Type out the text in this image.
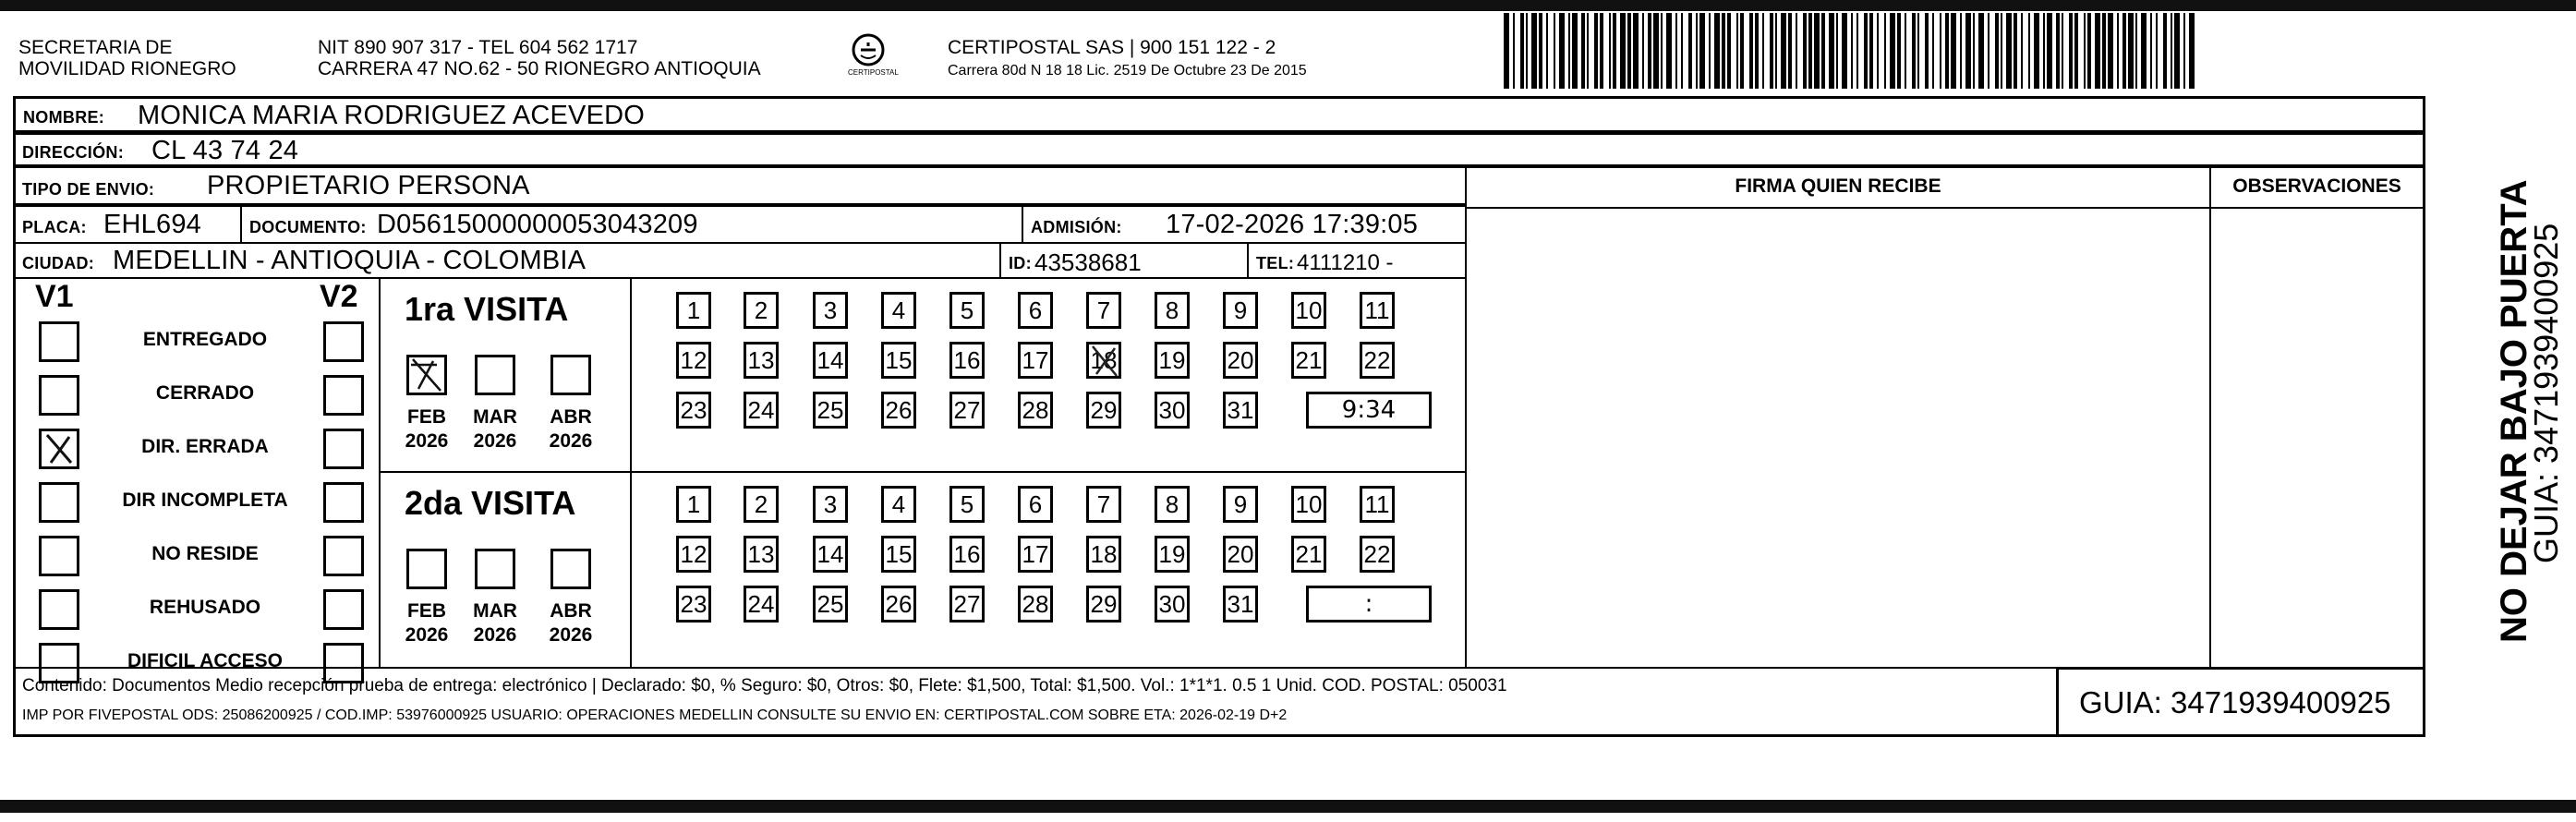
SECRETARIA DE
MOVILIDAD RIONEGRO
NIT 890 907 317 - TEL 604 562 1717
CARRERA 47 NO.62 - 50 RIONEGRO ANTIOQUIA	CERTIPOSTAL
CERTIPOSTAL SAS | 900 151 122 - 2
Carrera 80d N 18 18 Lic. 2519 De Octubre 23 De 2015
NOMBRE: MONICA MARIA RODRIGUEZ ACEVEDO
DIRECCIÓN: CL 43 74 24
TIPO DE ENVIO: PROPIETARIO PERSONA	FIRMA QUIEN RECIBE	OBSERVACIONES
PLACA: EHL694	DOCUMENTO: D05615000000053043209	ADMISIÓN: 17-02-2026 17:39:05
CIUDAD: MEDELLIN - ANTIOQUIA - COLOMBIA	ID: 43538681	TEL: 4111210 -
V1	V2
ENTREGADO
CERRADO
DIR. ERRADA
DIR INCOMPLETA
NO RESIDE
REHUSADO
DIFICIL ACCESO
1ra VISITA
2da VISITA
1	2	3	4	5	6	7	8	9	10 11
12 13 14 15 16 17 18 19 20 21 22
23 24 25 26 27 28 29 30 31	9:34
1	2	3	4	5	6	7	8	9	10 11
12 13 14 15 16 17 18 19 20 21 22
23 24 25 26 27 28 29 30 31	:
FEB
2026
MAR
2026
ABR
2026
FEB
2026
MAR
2026
ABR
2026
Contenido: Documentos Medio recepción prueba de entrega: electrónico | Declarado: $0, % Seguro: $0, Otros: $0, Flete: $1,500, Total: $1,500. Vol.: 1*1*1. 0.5 1 Unid. COD. POSTAL: 050031
IMP POR FIVEPOSTAL ODS: 25086200925 / COD.IMP: 53976000925 USUARIO: OPERACIONES MEDELLIN CONSULTE SU ENVIO EN: CERTIPOSTAL.COM SOBRE ETA: 2026-02-19 D+2	GUIA: 3471939400925
NO DEJAR BAJO PUERTA
GUIA: 3471939400925
